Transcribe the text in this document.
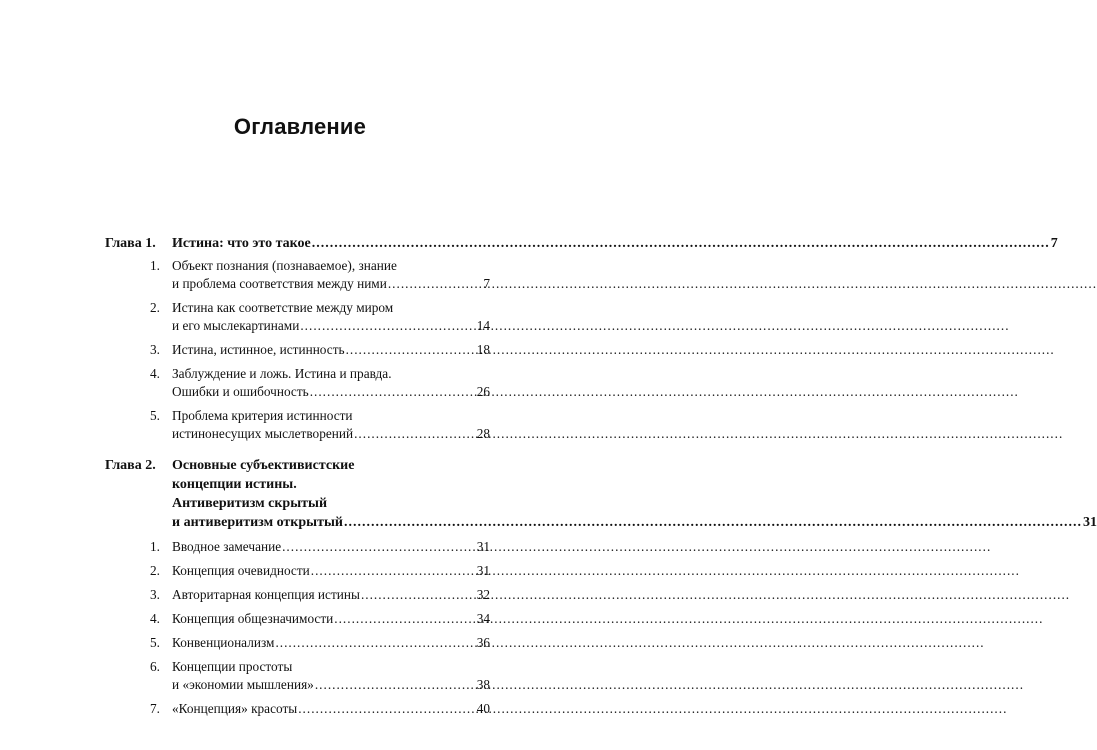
Оглавление
Глава 1.	Истина: что это такое .....	7
1. Объект познания (познаваемое), знание
и проблема соответствия между ними .....	7
2. Истина как соответствие между миром
и его мыслекартинами .....	14
3. Истина, истинное, истинность .....	18
4. Заблуждение и ложь. Истина и правда.
Ошибки и ошибочность .....	26
5. Проблема критерия истинности
истинонесущих мыслетворений .....	28
Глава 2.	Основные субъективистские
концепции истины.
Антиверитизм скрытый
и антиверитизм открытый .....	31
1. Вводное замечание .....	31
2. Концепция очевидности .....	31
3. Авторитарная концепция истины .....	32
4. Концепция общезначимости .....	34
5. Конвенционализм .....	36
6. Концепции простоты
и «экономии мышления» .....	38
7. «Концепция» красоты .....	40
